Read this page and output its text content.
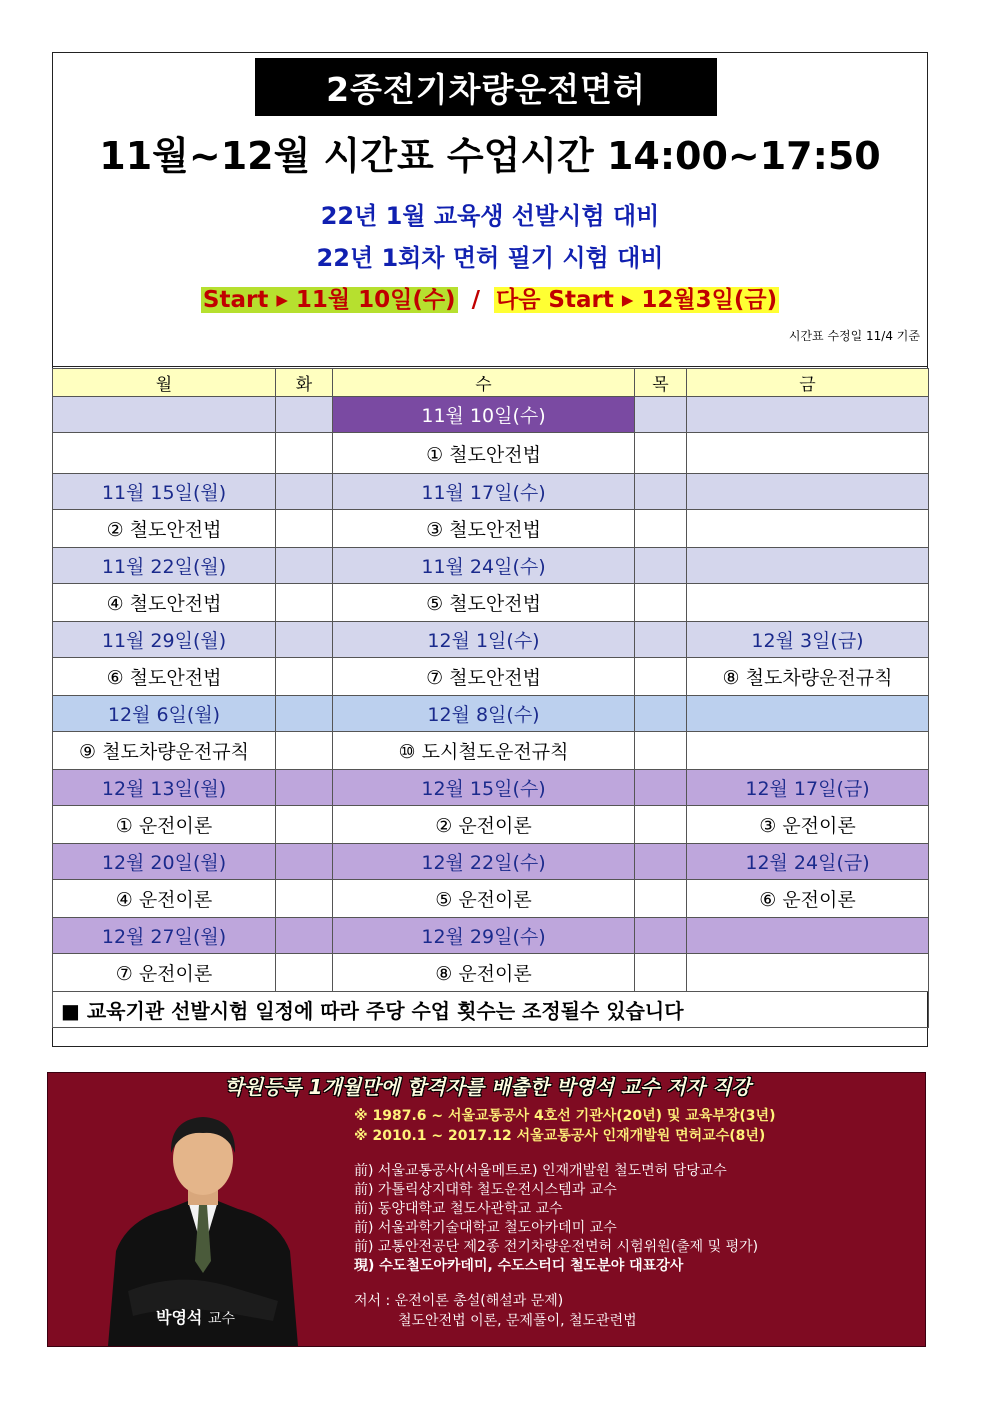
2종전기차량운전면허
11월~12월 시간표 수업시간 14:00~17:50
22년 1월 교육생 선발시험 대비
22년 1회차 면허 필기 시험 대비
Start ▸ 11월 10일(수) / 다음 Start ▸ 12월3일(금)
시간표 수정일 11/4 기준
월	화	수	목	금
		11월 10일(수)		
		① 철도안전법		
11월 15일(월)		11월 17일(수)		
② 철도안전법		③ 철도안전법		
11월 22일(월)		11월 24일(수)		
④ 철도안전법		⑤ 철도안전법		
11월 29일(월)		12월 1일(수)		12월 3일(금)
⑥ 철도안전법		⑦ 철도안전법		⑧ 철도차량운전규칙
12월 6일(월)		12월 8일(수)		
⑨ 철도차량운전규칙		⑩ 도시철도운전규칙		
12월 13일(월)		12월 15일(수)		12월 17일(금)
① 운전이론		② 운전이론		③ 운전이론
12월 20일(월)		12월 22일(수)		12월 24일(금)
④ 운전이론		⑤ 운전이론		⑥ 운전이론
12월 27일(월)		12월 29일(수)		
⑦ 운전이론		⑧ 운전이론		
■ 교육기관 선발시험 일정에 따라 주당 수업 횟수는 조정될수 있습니다				
학원등록 1개월만에 합격자를 배출한 박영석 교수 저자 직강
박영석 교수
※ 1987.6 ~ 서울교통공사 4호선 기관사(20년) 및 교육부장(3년)
※ 2010.1 ~ 2017.12 서울교통공사 인재개발원 면허교수(8년)
前) 서울교통공사(서울메트로) 인재개발원 철도면허 담당교수
前) 가톨릭상지대학 철도운전시스템과 교수
前) 동양대학교 철도사관학교 교수
前) 서울과학기술대학교 철도아카데미 교수
前) 교통안전공단 제2종 전기차량운전면허 시험위원(출제 및 평가)
現) 수도철도아카데미, 수도스터디 철도분야 대표강사
저서 : 운전이론 총설(해설과 문제)
철도안전법 이론, 문제풀이, 철도관련법
